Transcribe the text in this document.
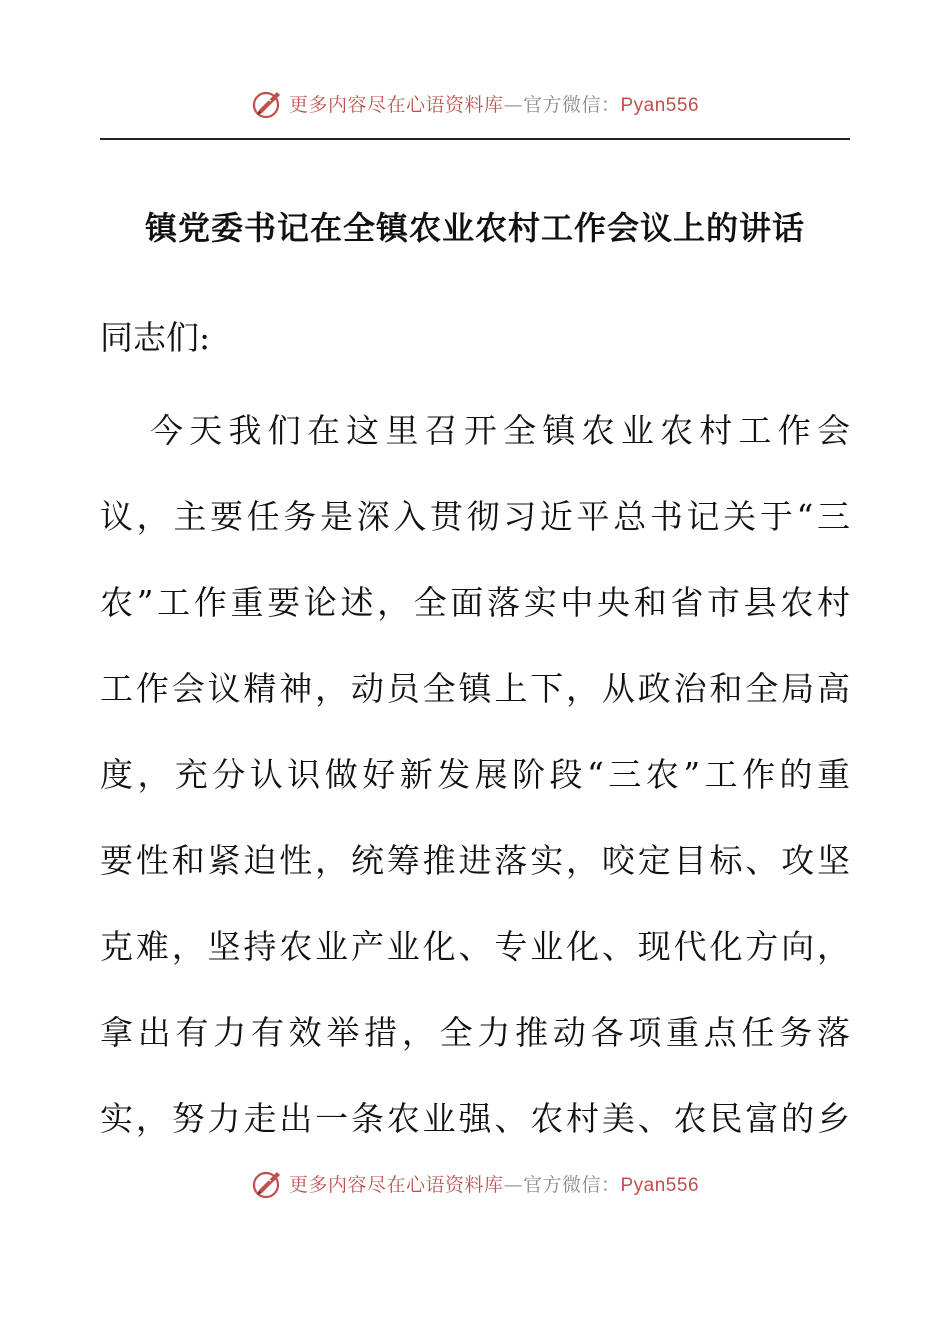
更多内容尽在心语资料库—官方微信：Pyan556
镇党委书记在全镇农业农村工作会议上的讲话

同志们:

今天我们在这里召开全镇农业农村工作会

议，主要任务是深入贯彻习近平总书记关于“三

农”工作重要论述，全面落实中央和省市县农村

工作会议精神，动员全镇上下，从政治和全局高

度，充分认识做好新发展阶段“三农”工作的重

要性和紧迫性，统筹推进落实，咬定目标、攻坚

克难，坚持农业产业化、专业化、现代化方向，

拿出有力有效举措，全力推动各项重点任务落

实，努力走出一条农业强、农村美、农民富的乡

更多内容尽在心语资料库—官方微信：Pyan556
